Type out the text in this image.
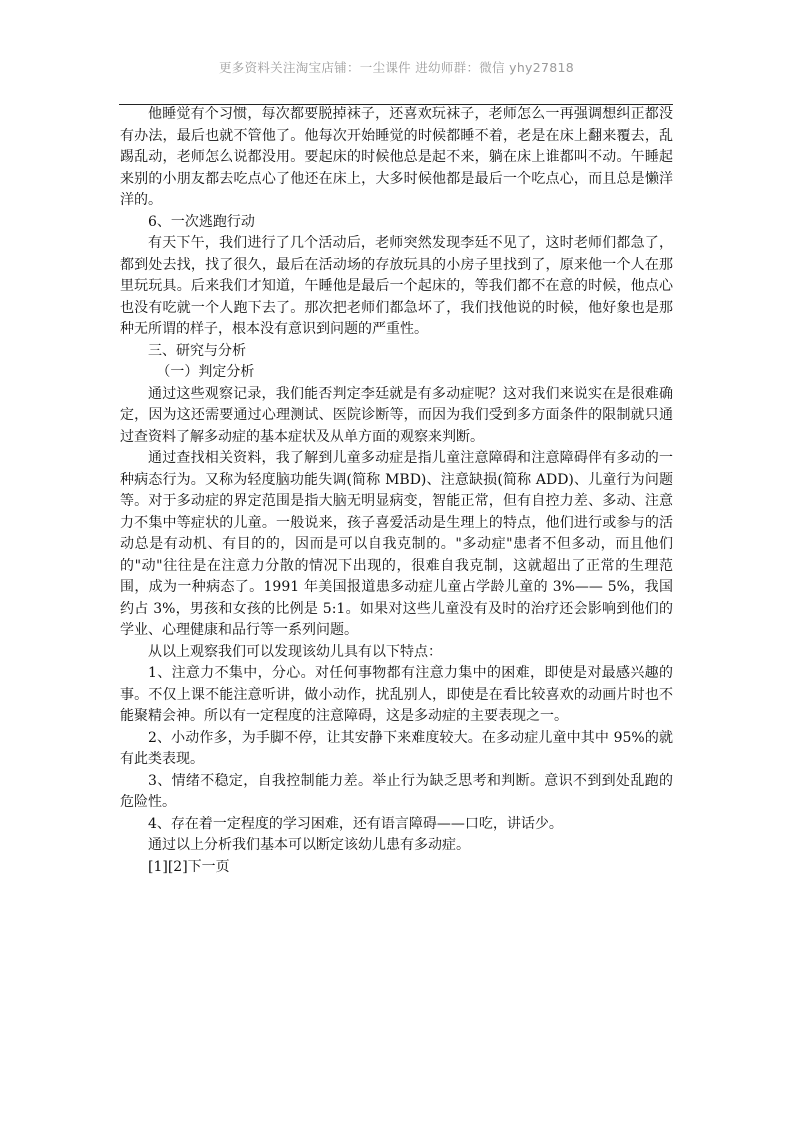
更多资料关注淘宝店铺：一尘课件 进幼师群：微信 yhy27818

他睡觉有个习惯，每次都要脱掉袜子，还喜欢玩袜子，老师怎么一再强调想纠正都没有办法，最后也就不管他了。他每次开始睡觉的时候都睡不着，老是在床上翻来覆去，乱踢乱动，老师怎么说都没用。要起床的时候他总是起不来，躺在床上谁都叫不动。午睡起来别的小朋友都去吃点心了他还在床上，大多时候他都是最后一个吃点心，而且总是懒洋洋的。

6、一次逃跑行动

有天下午，我们进行了几个活动后，老师突然发现李廷不见了，这时老师们都急了，都到处去找，找了很久，最后在活动场的存放玩具的小房子里找到了，原来他一个人在那里玩玩具。后来我们才知道，午睡他是最后一个起床的，等我们都不在意的时候，他点心也没有吃就一个人跑下去了。那次把老师们都急坏了，我们找他说的时候，他好象也是那种无所谓的样子，根本没有意识到问题的严重性。

三、研究与分析

（一）判定分析

通过这些观察记录，我们能否判定李廷就是有多动症呢？这对我们来说实在是很难确定，因为这还需要通过心理测试、医院诊断等，而因为我们受到多方面条件的限制就只通过查资料了解多动症的基本症状及从单方面的观察来判断。

通过查找相关资料，我了解到儿童多动症是指儿童注意障碍和注意障碍伴有多动的一种病态行为。又称为轻度脑功能失调(简称 MBD)、注意缺损(简称 ADD)、儿童行为问题等。对于多动症的界定范围是指大脑无明显病变，智能正常，但有自控力差、多动、注意力不集中等症状的儿童。一般说来，孩子喜爱活动是生理上的特点，他们进行或参与的活动总是有动机、有目的的，因而是可以自我克制的。"多动症"患者不但多动，而且他们的"动"往往是在注意力分散的情况下出现的，很难自我克制，这就超出了正常的生理范围，成为一种病态了。1991 年美国报道患多动症儿童占学龄儿童的 3%—— 5%，我国约占 3%，男孩和女孩的比例是 5:1。如果对这些儿童没有及时的治疗还会影响到他们的学业、心理健康和品行等一系列问题。

从以上观察我们可以发现该幼儿具有以下特点：

1、注意力不集中，分心。对任何事物都有注意力集中的困难，即使是对最感兴趣的事。不仅上课不能注意听讲，做小动作，扰乱别人，即使是在看比较喜欢的动画片时也不能聚精会神。所以有一定程度的注意障碍，这是多动症的主要表现之一。

2、小动作多，为手脚不停，让其安静下来难度较大。在多动症儿童中其中 95%的就有此类表现。

3、情绪不稳定，自我控制能力差。举止行为缺乏思考和判断。意识不到到处乱跑的危险性。

4、存在着一定程度的学习困难，还有语言障碍——口吃，讲话少。

通过以上分析我们基本可以断定该幼儿患有多动症。

[1][2]下一页
